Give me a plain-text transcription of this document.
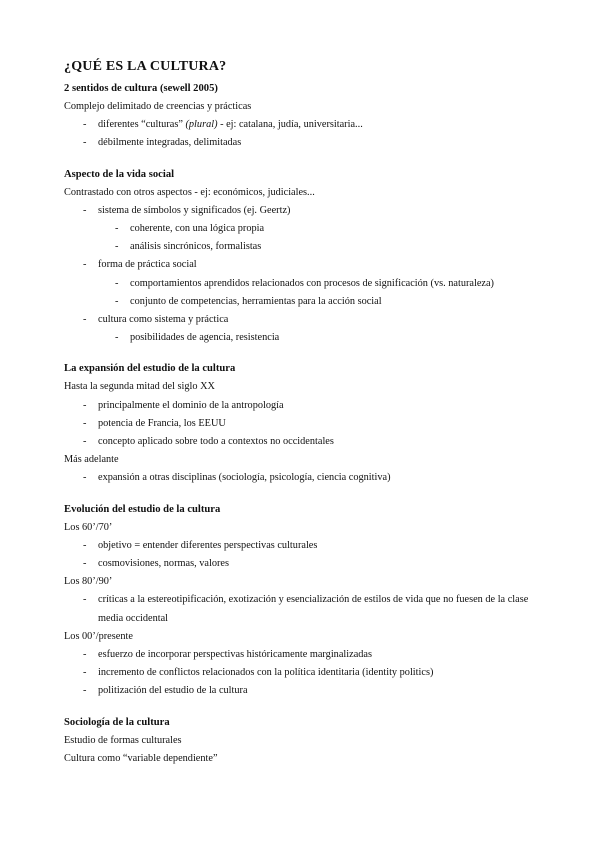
¿QUÉ ES LA CULTURA?
2 sentidos de cultura (sewell 2005)
Complejo delimitado de creencias y prácticas
- diferentes “culturas” (plural) - ej: catalana, judía, universitaria...
- débilmente integradas, delimitadas
Aspecto de la vida social
Contrastado con otros aspectos - ej: económicos, judiciales...
- sistema de símbolos y significados (ej. Geertz)
- coherente, con una lógica propia
- análisis sincrónicos, formalistas
- forma de práctica social
- comportamientos aprendidos relacionados con procesos de significación (vs. naturaleza)
- conjunto de competencias, herramientas para la acción social
- cultura como sistema y práctica
- posibilidades de agencia, resistencia
La expansión del estudio de la cultura
Hasta la segunda mitad del siglo XX
- principalmente el dominio de la antropología
- potencia de Francia, los EEUU
- concepto aplicado sobre todo a contextos no occidentales
Más adelante
- expansión a otras disciplinas (sociología, psicología, ciencia cognitiva)
Evolución del estudio de la cultura
Los 60’/70’
- objetivo = entender diferentes perspectivas culturales
- cosmovisiones, normas, valores
Los 80’/90’
- críticas a la estereotipificación, exotización y esencialización de estilos de vida que no fuesen de la clase media occidental
Los 00’/presente
- esfuerzo de incorporar perspectivas históricamente marginalizadas
- incremento de conflictos relacionados con la política identitaria (identity politics)
- politización del estudio de la cultura
Sociología de la cultura
Estudio de formas culturales
Cultura como “variable dependiente”
